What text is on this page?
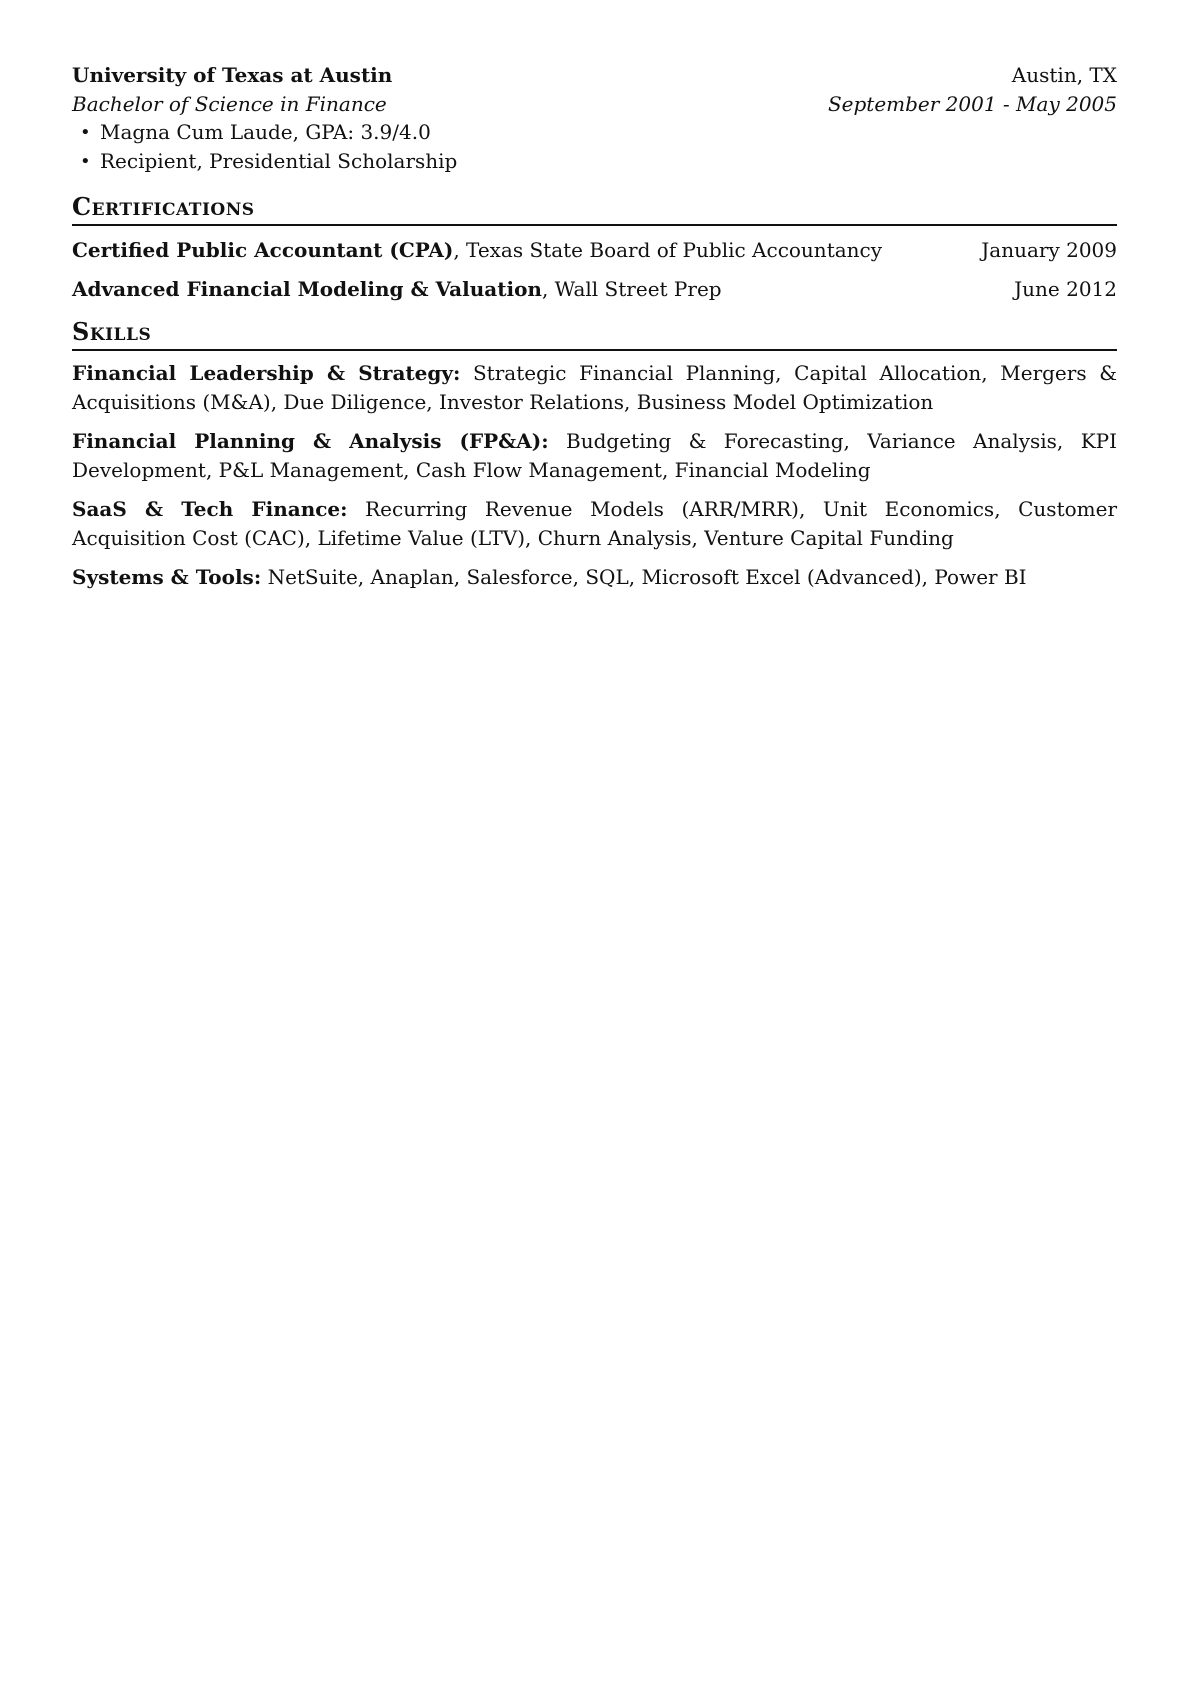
University of Texas at Austin	Austin, TX
Bachelor of Science in Finance	September 2001 - May 2005
• Magna Cum Laude, GPA: 3.9/4.0
• Recipient, Presidential Scholarship
Certifications
Certified Public Accountant (CPA), Texas State Board of Public Accountancy	January 2009
Advanced Financial Modeling & Valuation, Wall Street Prep	June 2012
Skills
Financial Leadership & Strategy: Strategic Financial Planning, Capital Allocation, Mergers & Acquisitions (M&A), Due Diligence, Investor Relations, Business Model Optimization
Financial Planning & Analysis (FP&A): Budgeting & Forecasting, Variance Analysis, KPI Development, P&L Management, Cash Flow Management, Financial Modeling
SaaS & Tech Finance: Recurring Revenue Models (ARR/MRR), Unit Economics, Customer Acquisition Cost (CAC), Lifetime Value (LTV), Churn Analysis, Venture Capital Funding
Systems & Tools: NetSuite, Anaplan, Salesforce, SQL, Microsoft Excel (Advanced), Power BI
